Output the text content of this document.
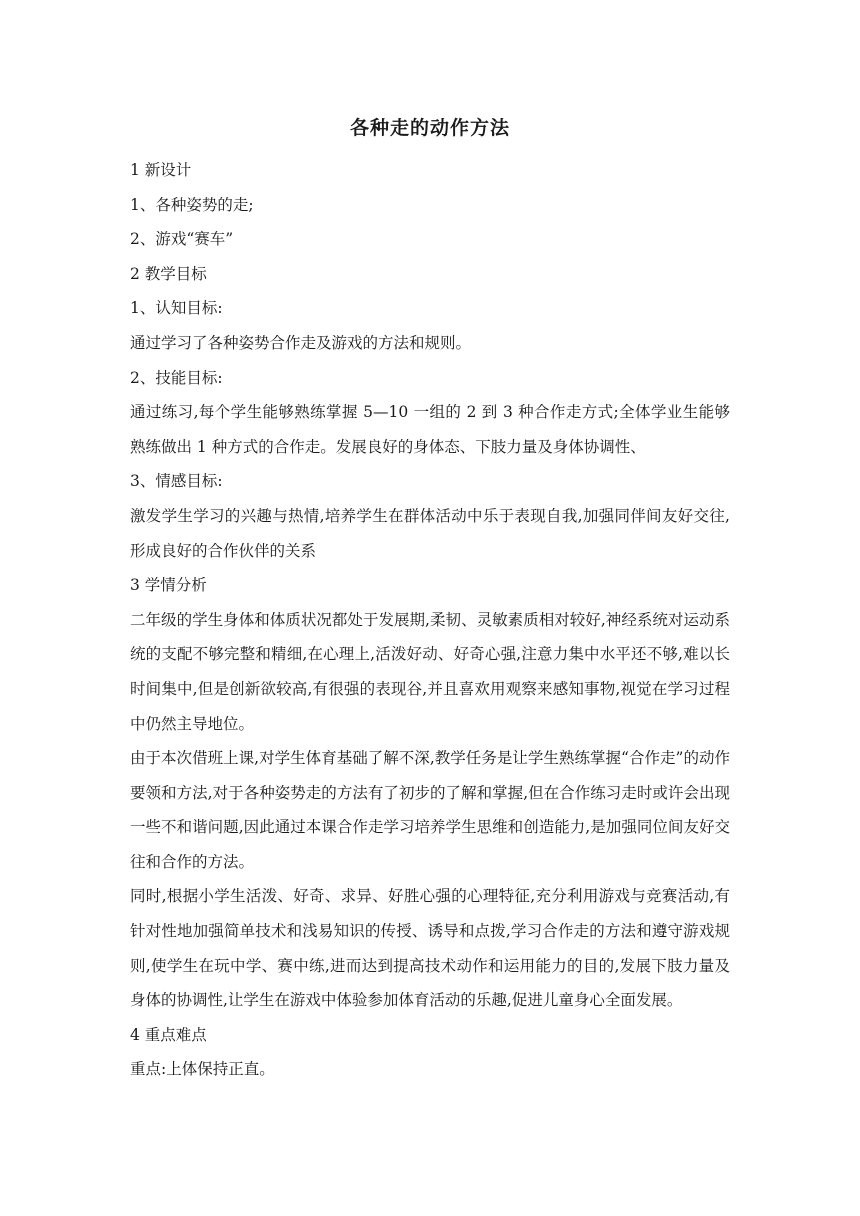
各种走的动作方法

1 新设计

1、各种姿势的走;

2、游戏“赛车”

2 教学目标

1、认知目标:

通过学习了各种姿势合作走及游戏的方法和规则。

2、技能目标:

通过练习,每个学生能够熟练掌握 5—10 一组的 2 到 3 种合作走方式;全体学业生能够熟练做出 1 种方式的合作走。发展良好的身体态、下肢力量及身体协调性、

3、情感目标:

激发学生学习的兴趣与热情,培养学生在群体活动中乐于表现自我,加强同伴间友好交往,形成良好的合作伙伴的关系

3 学情分析

二年级的学生身体和体质状况都处于发展期,柔韧、灵敏素质相对较好,神经系统对运动系统的支配不够完整和精细,在心理上,活泼好动、好奇心强,注意力集中水平还不够,难以长时间集中,但是创新欲较高,有很强的表现谷,并且喜欢用观察来感知事物,视觉在学习过程中仍然主导地位。

由于本次借班上课,对学生体育基础了解不深,教学任务是让学生熟练掌握“合作走”的动作要领和方法,对于各种姿势走的方法有了初步的了解和掌握,但在合作练习走时或许会出现一些不和谐问题,因此通过本课合作走学习培养学生思维和创造能力,是加强同位间友好交往和合作的方法。

同时,根据小学生活泼、好奇、求异、好胜心强的心理特征,充分利用游戏与竞赛活动,有针对性地加强简单技术和浅易知识的传授、诱导和点拨,学习合作走的方法和遵守游戏规则,使学生在玩中学、赛中练,进而达到提高技术动作和运用能力的目的,发展下肢力量及身体的协调性,让学生在游戏中体验参加体育活动的乐趣,促进儿童身心全面发展。

4 重点难点

重点:上体保持正直。
